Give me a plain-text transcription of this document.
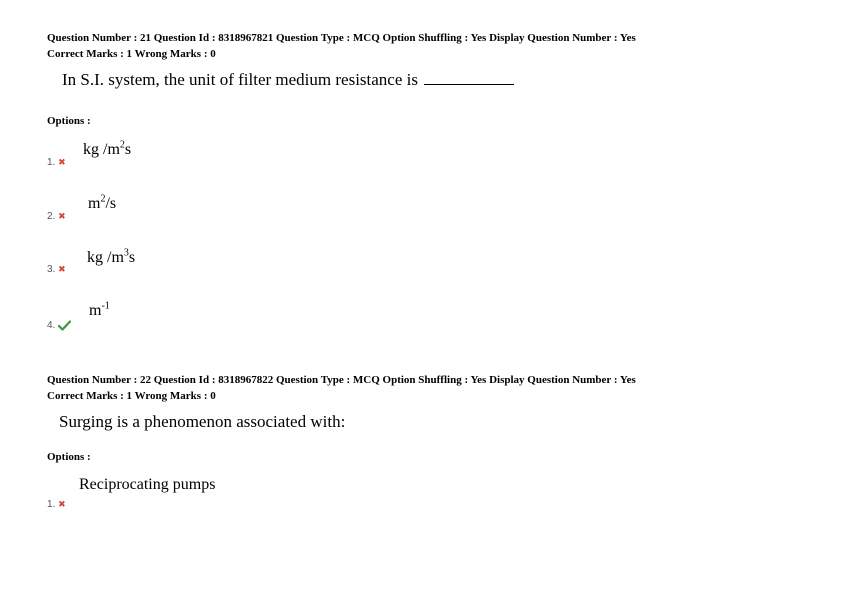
Question Number : 21 Question Id : 8318967821 Question Type : MCQ Option Shuffling : Yes Display Question Number : Yes
Correct Marks : 1 Wrong Marks : 0
In S.I. system, the unit of filter medium resistance is
Options :
kg $/m^2s$
1. ✖
$m^2/s$
2. ✖
kg $/m^3s$
3. ✖
$m^{-1}$
4.
Question Number : 22 Question Id : 8318967822 Question Type : MCQ Option Shuffling : Yes Display Question Number : Yes
Correct Marks : 1 Wrong Marks : 0
Surging is a phenomenon associated with:
Options :
Reciprocating pumps
1. ✖
